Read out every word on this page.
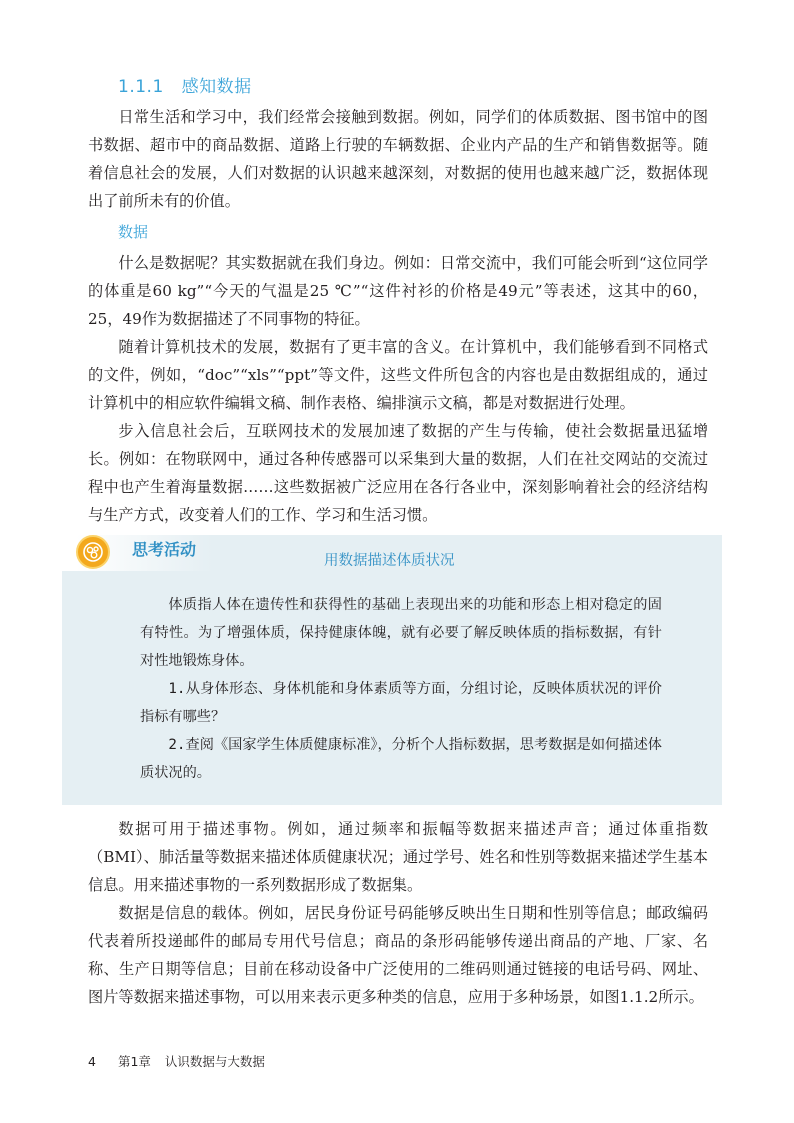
1.1.1 感知数据

日常生活和学习中，我们经常会接触到数据。例如，同学们的体质数据、图书馆中的图书数据、超市中的商品数据、道路上行驶的车辆数据、企业内产品的生产和销售数据等。随着信息社会的发展，人们对数据的认识越来越深刻，对数据的使用也越来越广泛，数据体现出了前所未有的价值。

数据

什么是数据呢？其实数据就在我们身边。例如：日常交流中，我们可能会听到“这位同学的体重是60 kg”“今天的气温是25 ℃”“这件衬衫的价格是49元”等表述，这其中的60，25，49作为数据描述了不同事物的特征。

随着计算机技术的发展，数据有了更丰富的含义。在计算机中，我们能够看到不同格式的文件，例如，“doc”“xls”“ppt”等文件，这些文件所包含的内容也是由数据组成的，通过计算机中的相应软件编辑文稿、制作表格、编排演示文稿，都是对数据进行处理。

步入信息社会后，互联网技术的发展加速了数据的产生与传输，使社会数据量迅猛增长。例如：在物联网中，通过各种传感器可以采集到大量的数据，人们在社交网站的交流过程中也产生着海量数据……这些数据被广泛应用在各行各业中，深刻影响着社会的经济结构与生产方式，改变着人们的工作、学习和生活习惯。

思考活动
用数据描述体质状况

体质指人体在遗传性和获得性的基础上表现出来的功能和形态上相对稳定的固有特性。为了增强体质，保持健康体魄，就有必要了解反映体质的指标数据，有针对性地锻炼身体。

1.从身体形态、身体机能和身体素质等方面，分组讨论，反映体质状况的评价指标有哪些？

2.查阅《国家学生体质健康标准》，分析个人指标数据，思考数据是如何描述体质状况的。

数据可用于描述事物。例如，通过频率和振幅等数据来描述声音；通过体重指数（BMI）、肺活量等数据来描述体质健康状况；通过学号、姓名和性别等数据来描述学生基本信息。用来描述事物的一系列数据形成了数据集。

数据是信息的载体。例如，居民身份证号码能够反映出生日期和性别等信息；邮政编码代表着所投递邮件的邮局专用代号信息；商品的条形码能够传递出商品的产地、厂家、名称、生产日期等信息；目前在移动设备中广泛使用的二维码则通过链接的电话号码、网址、图片等数据来描述事物，可以用来表示更多种类的信息，应用于多种场景，如图1.1.2所示。

4 第1章 认识数据与大数据
